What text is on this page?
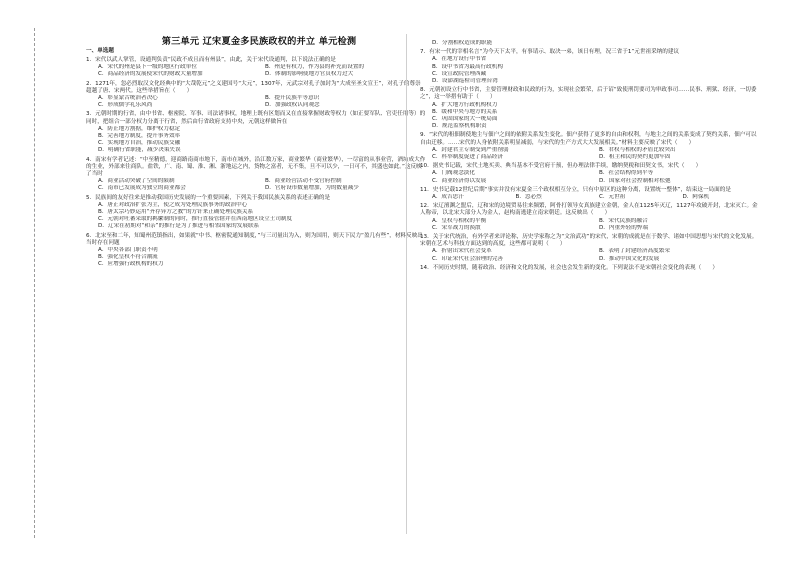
第三单元 辽宋夏金多民族政权的并立 单元检测
一、单选题
1．宋代以武人掌管，设通判负责“民政不成且而有州县”，由此，关于宋代设通判，以下说法正确的是
A．宋代的州是县下一级的地区行政单位	B．州是有权力，作为县的补充而设置的
C．商品经济的发展使宋代的财政大量增加	D．体制的影响使地方官员权力过大
2．1271年，忽必烈取汉文化经典中的“大哉乾元”之义建国号“大元”，1307年，元武宗对孔子加封为“大成至圣文宣王”，对孔子的尊崇超越了唐、宋两代。这些举措旨在（　　）
A．彰显蒙古统治者决心	B．提升民族平等意识
C．形成儒学礼乐风尚	D．加强政权认同观念
3．元朝时期的行省，由中书省、枢密院、军事、司法诸事权，地理上既有区划而又在直接掌握财政等权力（如正要军队、官吏任用等）的同时，把组合一部分权力分离于行省，然后由行省政府支持中央，元朝这样做旨在
A．防止地方割据，维护权力稳定
B．完善地方制度，提升事务效率
C．实现地方自治，推动民族交融
D．明确行省职能，减少决策失误
4．南宋有学者记述：“中至精德，迎商路南商市地下，南市在城外，沿江数万家，商业繁华（商业繁华），一尽富的从事业营，酒坊成大作的生业，外部来往商队。盐铁，广、南、蜀、淮、湘、浙地运之内，货物之富者，无不集，旦不可以少，一日可不，其盛也如此。”这反映了当时
A．商业活动突破了空间的限制	B．商业经营活动不受官府控制
C．南市已发展成为独立的商业都会	D．官府设市数量增加，为的数量减少
5．民族间的友好往来是推动我国历史发展的一个重要因素，下列关于我国民族关系的表述正确的是
A．唐正对政治扩张为主，使之成为处理民族事务的政治中心
B．唐太宗巧妙运用“齐存异方之教”的方针来正确处理民族关系
C．元朝对吐蕃采取的羁縻制的同时，推行直接管辖并在西南地区设立土司制度
D．辽宋在初期对“和亲”的推行是为了推进与相邻国家的发展联系
6．北宋至和二年，知蜀州范镇指出，如果就“中书、枢密院通知制度，”与三司量出为入，则为国用，则天下民力“盈几有些”，材料反映出当时存在问题
A．中央各部门职责不明
B．强化皇权不符合潮流
C．应增强行政机构的权力
D．分割相权造成的职能
7．有宋一代的宰相名言“为今天下太平，有事请示、取决一弟，该日有理，况三省于1”元世祖采纳的建议
A．在地方设行中书省
B．设中书省为最高行政机构
C．设宣政院管理西藏
D．设澎湖巡检司管理台湾
8．元朝初设立行中书省，主要管理财政和民政的行为，实现社会繁荣，后于诏“致使刑罚要司为审政事司……民事、刑狱、经济，一切委之”，这一举措有助于（　　）
A．扩大地方行政机构权力
B．缓和中央与地方的关系
C．巩固国家的大一统局面
D．规范监察机构职责
9．“宋代的租佃制使地主与佃户之间的依附关系发生变化。佃户获得了更多的自由和权利，与地主之间的关系变成了契约关系，佃户可以自由迁移。……宋代的人身依附关系明显减弱，与宋代的生产方式大大发展相关。”材料主要反映了宋代（　　）
A．封建君主专制受到严重削弱	B．君权与相权的矛盾比较突出
C．科举制度促进了商品经济	D．租主和民的契约更加牢固
10．据史书记载，宋代土地买卖、典当基本不受官府干预，但办理法律手续，缴纳契税和田契文书，宋代（　　）
A．门阀观念淡化	B．社会结构得到平等
C．商业经济得以发展	D．国家对社会控制相对松弛
11．史书记载12世纪后期“事实并没有宋夏金三个政权相互分立，只有中原区的这种分离，设置统一整体”，结束这一局面的是
A．成吉思汗	B．忽必烈	C．元世祖	D．阿保机
12．宋辽澶渊之盟后，辽和宋的边境贸易往来频繁，阿骨打领导女真族建立金朝，金人在1125年灭辽，1127年攻破开封，北宋灭亡。金人称帝，以北宋大部分人为金人，赵构南逃建立南宋朝廷。这反映出（　　）
A．皇权与相权的平衡	B．宋代民族的融合
C．宋军战力的涣散	D．内重外轻的弊端
13．关于宋代统治，有外学者来评论称，历史学家称之为“文治武功”的宋代，宋朝的成就是在于数学、诸如中国思想与宋代的文化发展。宋朝在艺术与科技方面达到的高度，这些都可说明（　　）
A．折射出宋代社会变革	B．表明了封建经济高度繁荣
C．印证宋代社会治理的完善	D．推动中国文化的发展
14．不同历史时期，随着政治、经济和文化的发展，社会也会发生新的变化。下列说法不是宋朝社会变化的表现（　　）
